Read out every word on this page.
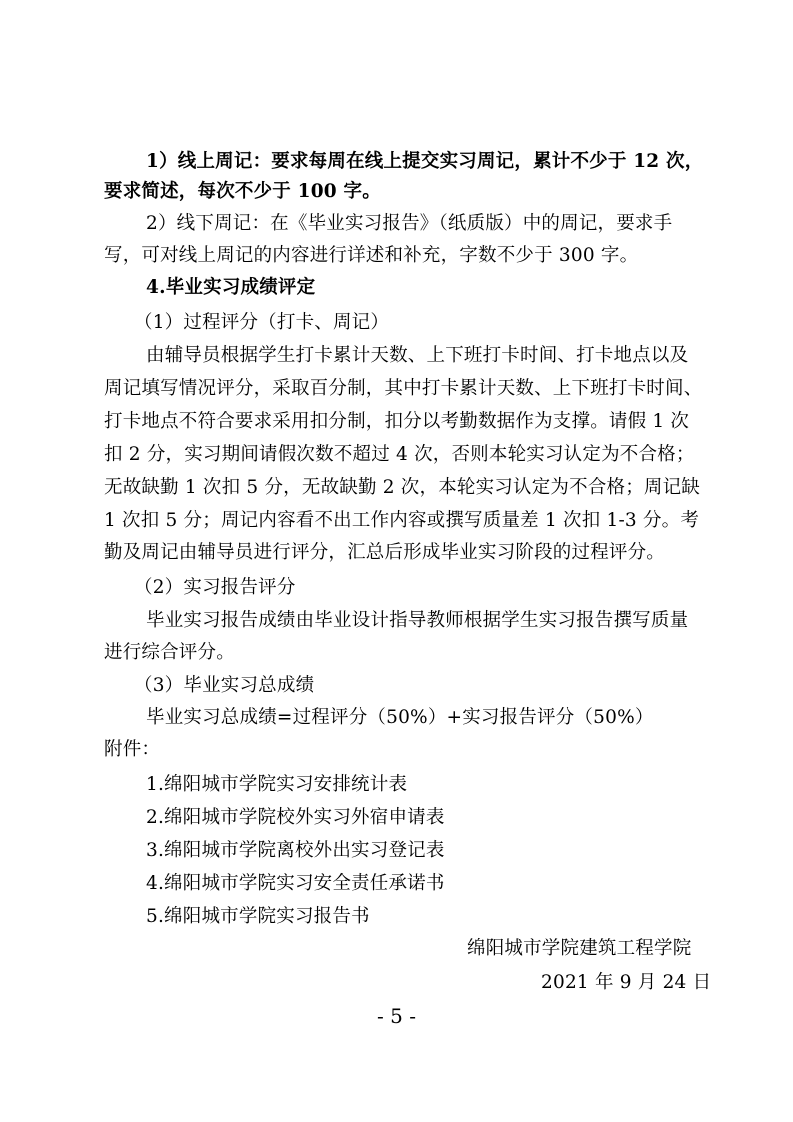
1）线上周记：要求每周在线上提交实习周记，累计不少于 12 次，
要求简述，每次不少于 100 字。
2）线下周记：在《毕业实习报告》（纸质版）中的周记，要求手
写，可对线上周记的内容进行详述和补充，字数不少于 300 字。
4.毕业实习成绩评定
（1）过程评分（打卡、周记）
由辅导员根据学生打卡累计天数、上下班打卡时间、打卡地点以及
周记填写情况评分，采取百分制，其中打卡累计天数、上下班打卡时间、
打卡地点不符合要求采用扣分制，扣分以考勤数据作为支撑。请假 1 次
扣 2 分，实习期间请假次数不超过 4 次，否则本轮实习认定为不合格；
无故缺勤 1 次扣 5 分，无故缺勤 2 次，本轮实习认定为不合格；周记缺
1 次扣 5 分；周记内容看不出工作内容或撰写质量差 1 次扣 1-3 分。考
勤及周记由辅导员进行评分，汇总后形成毕业实习阶段的过程评分。
（2）实习报告评分
毕业实习报告成绩由毕业设计指导教师根据学生实习报告撰写质量
进行综合评分。
（3）毕业实习总成绩
毕业实习总成绩=过程评分（50%）+实习报告评分（50%）
附件：
1.绵阳城市学院实习安排统计表
2.绵阳城市学院校外实习外宿申请表
3.绵阳城市学院离校外出实习登记表
4.绵阳城市学院实习安全责任承诺书
5.绵阳城市学院实习报告书
绵阳城市学院建筑工程学院
2021 年 9 月 24 日
- 5 -
